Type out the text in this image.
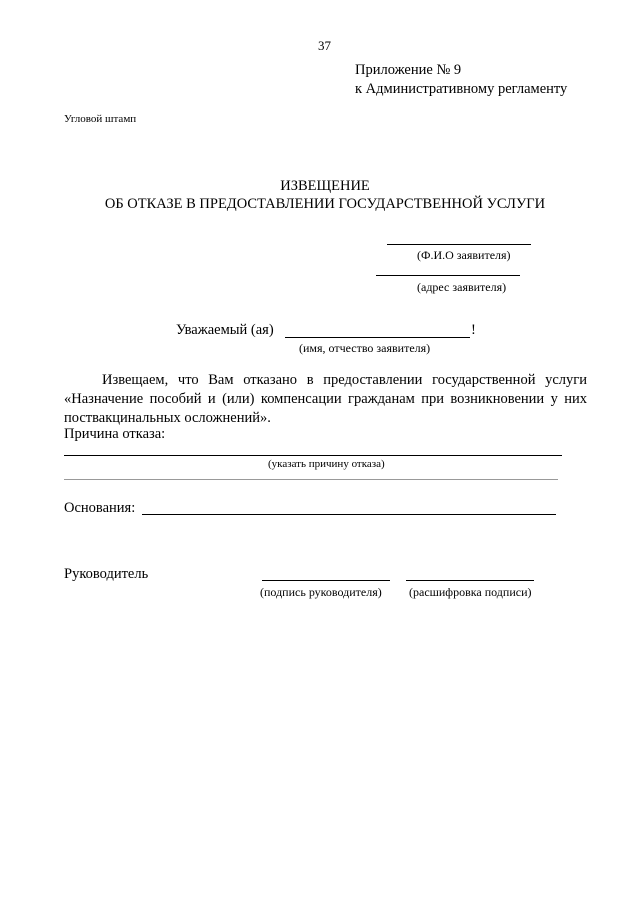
37
Приложение № 9
к Административному регламенту
Угловой штамп
ИЗВЕЩЕНИЕ
ОБ ОТКАЗЕ В ПРЕДОСТАВЛЕНИИ ГОСУДАРСТВЕННОЙ УСЛУГИ
(Ф.И.О заявителя)
(адрес заявителя)
Уважаемый (ая)	!
(имя, отчество заявителя)
Извещаем, что Вам отказано в предоставлении государственной услуги «Назначение пособий и (или) компенсации гражданам при возникновении у них поствакцинальных осложнений».
Причина отказа:
(указать причину отказа)
Основания:
Руководитель
(подпись руководителя) (расшифровка подписи)
